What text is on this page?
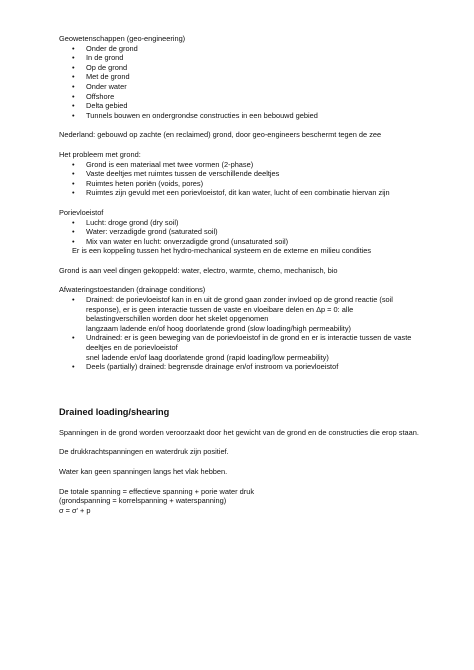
Geowetenschappen (geo-engineering)

• Onder de grond
• In de grond
• Op de grond
• Met de grond
• Onder water
• Offshore
• Delta gebied
• Tunnels bouwen en ondergrondse constructies in een bebouwd gebied

Nederland: gebouwd op zachte (en reclaimed) grond, door geo-engineers beschermt tegen de zee

Het probleem met grond:

• Grond is een materiaal met twee vormen (2-phase)
• Vaste deeltjes met ruimtes tussen de verschillende deeltjes
• Ruimtes heten poriën (voids, pores)
• Ruimtes zijn gevuld met een porievloeistof, dit kan water, lucht of een combinatie hiervan zijn

Porievloeistof

• Lucht: droge grond (dry soil)
• Water: verzadigde grond (saturated soil)
• Mix van water en lucht: onverzadigde grond (unsaturated soil)

Er is een koppeling tussen het hydro-mechanical systeem en de externe en milieu condities

Grond is aan veel dingen gekoppeld: water, electro, warmte, chemo, mechanisch, bio

Afwateringstoestanden (drainage conditions)

• Drained: de porievloeistof kan in en uit de grond gaan zonder invloed op de grond reactie (soil response), er is geen interactie tussen de vaste en vloeibare delen en Δp = 0: alle belastingverschillen worden door het skelet opgenomen

langzaam ladende en/of hoog doorlatende grond (slow loading/high permeability)

• Undrained: er is geen beweging van de porievloeistof in de grond en er is interactie tussen de vaste deeltjes en de porievloeistof

snel ladende en/of laag doorlatende grond (rapid loading/low permeability)

• Deels (partially) drained: begrensde drainage en/of instroom va porievloeistof
Drained loading/shearing

Spanningen in de grond worden veroorzaakt door het gewicht van de grond en de constructies die erop staan.

De drukkrachtspanningen en waterdruk zijn positief.

Water kan geen spanningen langs het vlak hebben.

De totale spanning = effectieve spanning + porie water druk

(grondspanning = korrelspanning + waterspanning)

σ = σ' + p
